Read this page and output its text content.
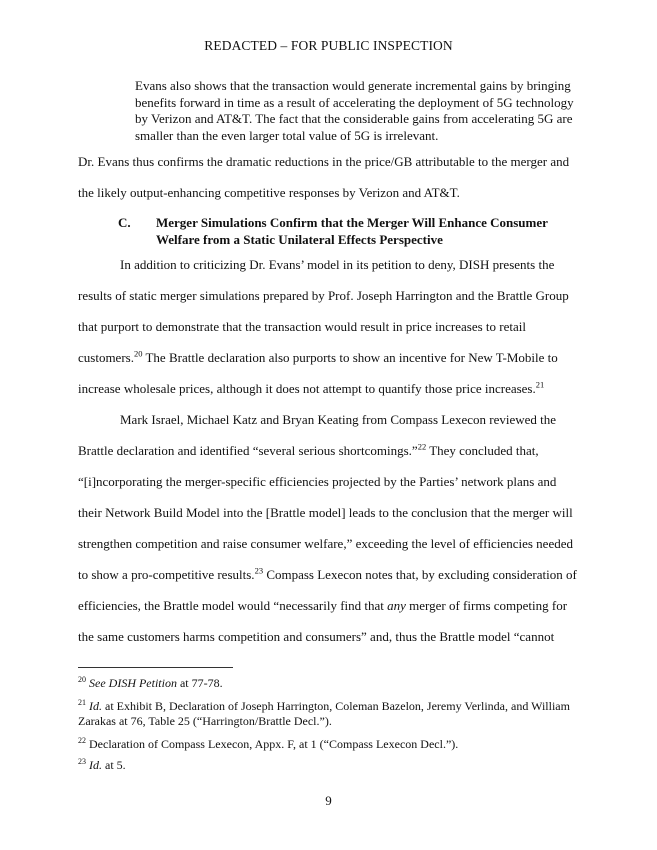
REDACTED – FOR PUBLIC INSPECTION
Evans also shows that the transaction would generate incremental gains by bringing benefits forward in time as a result of accelerating the deployment of 5G technology by Verizon and AT&T. The fact that the considerable gains from accelerating 5G are smaller than the even larger total value of 5G is irrelevant.

Dr. Evans thus confirms the dramatic reductions in the price/GB attributable to the merger and the likely output-enhancing competitive responses by Verizon and AT&T.

C. Merger Simulations Confirm that the Merger Will Enhance Consumer Welfare from a Static Unilateral Effects Perspective

In addition to criticizing Dr. Evans’ model in its petition to deny, DISH presents the results of static merger simulations prepared by Prof. Joseph Harrington and the Brattle Group that purport to demonstrate that the transaction would result in price increases to retail customers.$^{20}$ The Brattle declaration also purports to show an incentive for New T-Mobile to increase wholesale prices, although it does not attempt to quantify those price increases.$^{21}$

Mark Israel, Michael Katz and Bryan Keating from Compass Lexecon reviewed the Brattle declaration and identified “several serious shortcomings.”$^{22}$ They concluded that, “[i]ncorporating the merger-specific efficiencies projected by the Parties’ network plans and their Network Build Model into the [Brattle model] leads to the conclusion that the merger will strengthen competition and raise consumer welfare,” exceeding the level of efficiencies needed to show a pro-competitive results.$^{23}$ Compass Lexecon notes that, by excluding consideration of efficiencies, the Brattle model would “necessarily find that any merger of firms competing for the same customers harms competition and consumers” and, thus the Brattle model “cannot

$^{20}$ See DISH Petition at 77-78.
$^{21}$ Id. at Exhibit B, Declaration of Joseph Harrington, Coleman Bazelon, Jeremy Verlinda, and William Zarakas at 76, Table 25 (“Harrington/Brattle Decl.”).
$^{22}$ Declaration of Compass Lexecon, Appx. F, at 1 (“Compass Lexecon Decl.”).
$^{23}$ Id. at 5.
9
